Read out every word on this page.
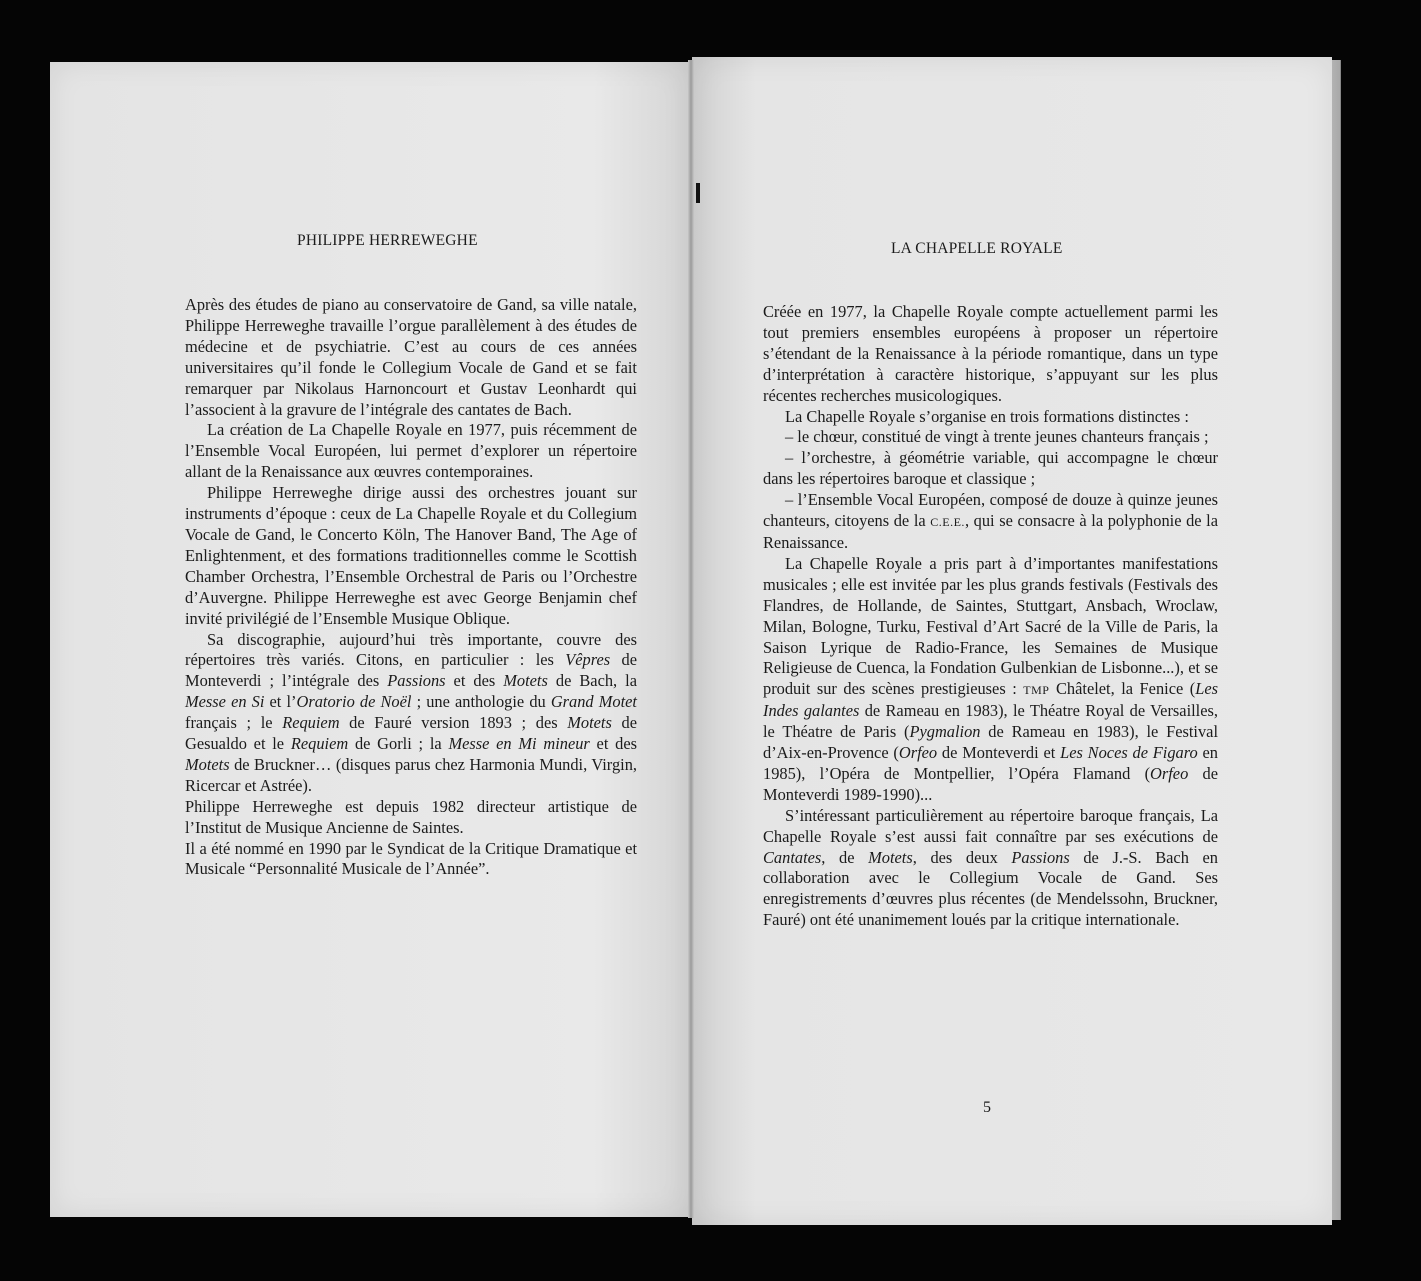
PHILIPPE HERREWEGHE

Après des études de piano au conservatoire de Gand, sa ville natale, Philippe Herreweghe travaille l’orgue parallèlement à des études de médecine et de psychiatrie. C’est au cours de ces années universitaires qu’il fonde le Collegium Vocale de Gand et se fait remarquer par Nikolaus Harnoncourt et Gustav Leonhardt qui l’associent à la gravure de l’intégrale des cantates de Bach.

La création de La Chapelle Royale en 1977, puis récemment de l’Ensemble Vocal Européen, lui permet d’explorer un répertoire allant de la Renaissance aux œuvres contemporaines.

Philippe Herreweghe dirige aussi des orchestres jouant sur instruments d’époque : ceux de La Chapelle Royale et du Collegium Vocale de Gand, le Concerto Köln, The Hanover Band, The Age of Enlightenment, et des formations traditionnelles comme le Scottish Chamber Orchestra, l’Ensemble Orchestral de Paris ou l’Orchestre d’Auvergne. Philippe Herreweghe est avec George Benjamin chef invité privilégié de l’Ensemble Musique Oblique.

Sa discographie, aujourd’hui très importante, couvre des répertoires très variés. Citons, en particulier : les Vêpres de Monteverdi ; l’intégrale des Passions et des Motets de Bach, la Messe en Si et l’Oratorio de Noël ; une anthologie du Grand Motet français ; le Requiem de Fauré version 1893 ; des Motets de Gesualdo et le Requiem de Gorli ; la Messe en Mi mineur et des Motets de Bruckner… (disques parus chez Harmonia Mundi, Virgin, Ricercar et Astrée).

Philippe Herreweghe est depuis 1982 directeur artistique de l’Institut de Musique Ancienne de Saintes.

Il a été nommé en 1990 par le Syndicat de la Critique Dramatique et Musicale “Personnalité Musicale de l’Année”.

LA CHAPELLE ROYALE

Créée en 1977, la Chapelle Royale compte actuellement parmi les tout premiers ensembles européens à proposer un répertoire s’étendant de la Renaissance à la période romantique, dans un type d’interprétation à caractère historique, s’appuyant sur les plus récentes recherches musicologiques.

La Chapelle Royale s’organise en trois formations distinctes :

– le chœur, constitué de vingt à trente jeunes chanteurs français ;

– l’orchestre, à géométrie variable, qui accompagne le chœur dans les répertoires baroque et classique ;

– l’Ensemble Vocal Européen, composé de douze à quinze jeunes chanteurs, citoyens de la C.E.E., qui se consacre à la polyphonie de la Renaissance.

La Chapelle Royale a pris part à d’importantes manifestations musicales ; elle est invitée par les plus grands festivals (Festivals des Flandres, de Hollande, de Saintes, Stuttgart, Ansbach, Wroclaw, Milan, Bologne, Turku, Festival d’Art Sacré de la Ville de Paris, la Saison Lyrique de Radio-France, les Semaines de Musique Religieuse de Cuenca, la Fondation Gulbenkian de Lisbonne...), et se produit sur des scènes prestigieuses : TMP Châtelet, la Fenice (Les Indes galantes de Rameau en 1983), le Théatre Royal de Versailles, le Théatre de Paris (Pygmalion de Rameau en 1983), le Festival d’Aix-en-Provence (Orfeo de Monteverdi et Les Noces de Figaro en 1985), l’Opéra de Montpellier, l’Opéra Flamand (Orfeo de Monteverdi 1989-1990)...

S’intéressant particulièrement au répertoire baroque français, La Chapelle Royale s’est aussi fait connaître par ses exécutions de Cantates, de Motets, des deux Passions de J.-S. Bach en collaboration avec le Collegium Vocale de Gand. Ses enregistrements d’œuvres plus récentes (de Mendelssohn, Bruckner, Fauré) ont été unanimement loués par la critique internationale.

5
